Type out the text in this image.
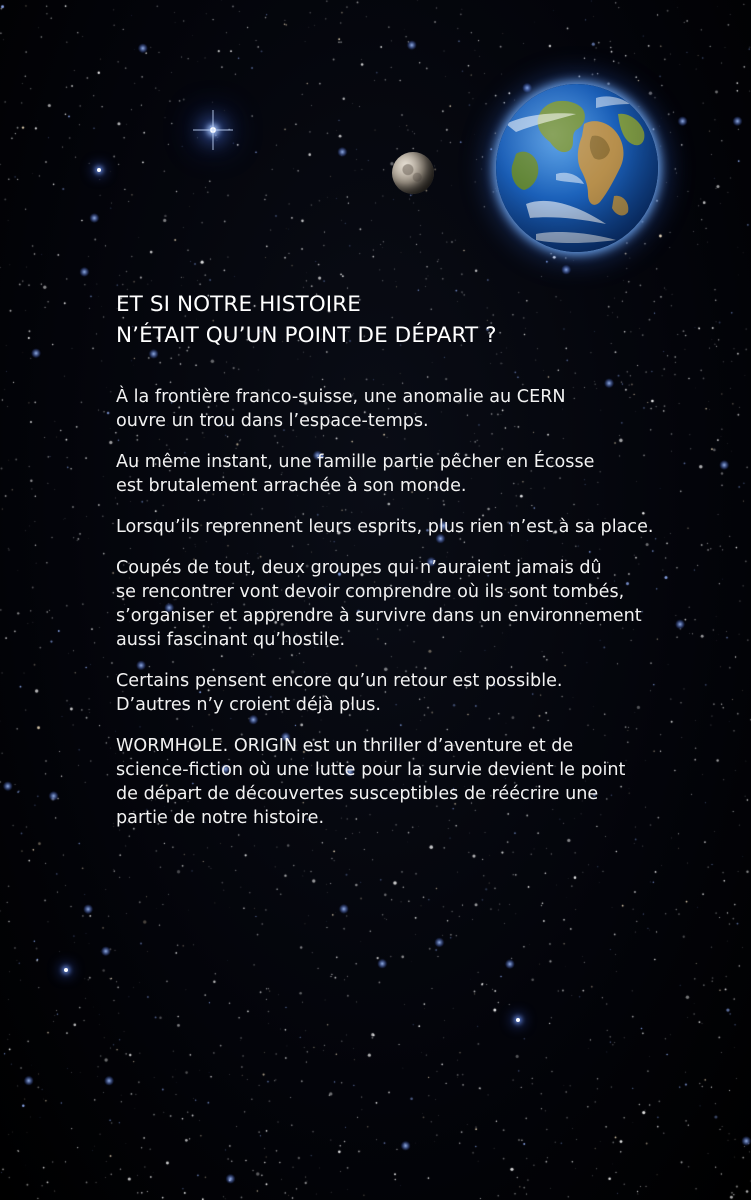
ET SI NOTRE HISTOIRE
N’ÉTAIT QU’UN POINT DE DÉPART ?

À la frontière franco-suisse, une anomalie au CERN
ouvre un trou dans l’espace-temps.

Au même instant, une famille partie pêcher en Écosse
est brutalement arrachée à son monde.

Lorsqu’ils reprennent leurs esprits, plus rien n’est à sa place.

Coupés de tout, deux groupes qui n’auraient jamais dû
se rencontrer vont devoir comprendre où ils sont tombés,
s’organiser et apprendre à survivre dans un environnement
aussi fascinant qu’hostile.

Certains pensent encore qu’un retour est possible.
D’autres n’y croient déjà plus.

WORMHOLE. ORIGIN est un thriller d’aventure et de
science-fiction où une lutte pour la survie devient le point
de départ de découvertes susceptibles de réécrire une
partie de notre histoire.
